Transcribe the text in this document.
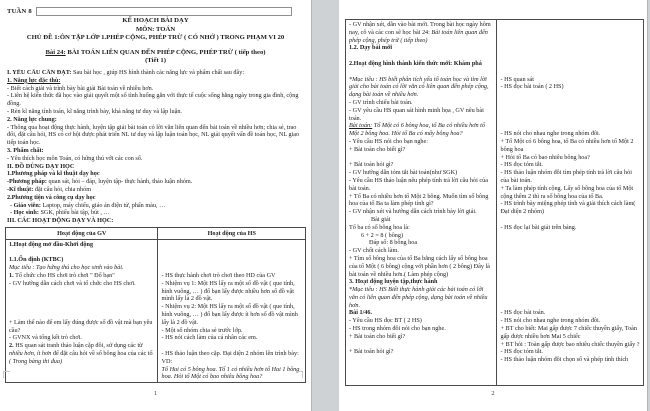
TUẦN 8
KẾ HOẠCH BÀI DẠY
MÔN: TOÁN
CHỦ ĐỀ 1:ÔN TẬP LỚP 1.PHÉP CỘNG, PHÉP TRỪ ( CÓ NHỚ ) TRONG PHẠM VI 20
Bài 24: BÀI TOÁN LIÊN QUAN ĐẾN PHÉP CỘNG, PHÉP TRỪ ( tiếp theo)
(Tiết 1)
I. YÊU CẦU CẦN ĐẠT: Sau bài học , giúp HS hình thành các năng lực và phẩm chất sau đây:
1. Năng lực đặc thù:
- Biết cách giải và trình bày bài giải Bài toán về nhiều hơn.
- Liên hệ kiến thức đã học vào giải quyết một số tình huống gắn với thực tế cuộc sống hằng ngày trong gia đình, cộng đồng.
- Rèn kĩ năng tính toán, kĩ năng trình bày, khả năng tư duy và lập luận.
2. Năng lực chung:
- Thông qua hoạt động thực hành, luyện tập giải bài toán có lời văn liên quan đến bài toán về nhiều hơn; chia sẻ, trao đổi, đặt câu hỏi, HS có cơ hội được phát triển NL tư duy và lập luận toán học, NL giải quyết vấn đề toán học, NL giao tiếp toán học.
3. Phẩm chất:
- Yêu thích học môn Toán, có hứng thú với các con số.
II. ĐỒ DÙNG DẠY HỌC
1.Phương pháp và kĩ thuật dạy học
-Phương pháp: quan sát, hỏi – đáp, luyện tập- thực hành, thảo luận nhóm.
-Kĩ thuật: đặt câu hỏi, chia nhóm
2.Phương tiện và công cụ dạy học
- Giáo viên: Laptop, máy chiếu, giáo án điện tử, phấn màu, …
- Học sinh: SGK, phiếu bài tập, bút , …
III. CÁC HOẠT ĐỘNG DẠY VÀ HỌC:
Hoạt động của GV	Hoạt động của HS
1.Hoạt động mở đầu-Khởi động

1.1.Ổn định (KTBC)
Mục tiêu : Tạo hứng thú cho học sinh vào bài.
1. Tổ chức cho HS chơi trò chơi " Đố bạn"
- GV hướng dẫn cách chơi và tổ chức cho HS chơi.

+ Làm thế nào để em lấy đúng được số đồ vật mà bạn yêu cầu?
- GVNX và tổng kết trò chơi.
2. HS quan sát tranh thảo luận cặp đôi, sử dụng các từ nhiều hơn, ít hơn để đặt câu hỏi về số bông hoa của các tổ ( Trong bảng thi đua)

- HS thực hành chơi trò chơi theo HD của GV
- Nhiệm vụ 1: Một HS lấy ra một số đồ vật ( que tính, hình vuông, … ) đố bạn lấy được nhiều hơn số đồ vật mình lấy là 2 đồ vật.
- Nhiệm vụ 2: Một HS lấy ra một số đồ vật ( que tính, hình vuông, … ) đố bạn lấy được ít hơn số đồ vật mình lấy là 2 đồ vật.
- Một số nhóm chia sẻ trước lớp.
- HS nói cách làm của cá nhân các em.

- HS thảo luận theo cặp. Đại diện 2 nhóm lên trình bày: VD:
Tổ Hai có 5 bông hoa. Tổ 1 có nhiều hơn tổ Hai 1 bông hoa. Hỏi tổ Một có bao nhiêu bông hoa?
1
- GV nhận xét, dẫn vào bài mới. Trong bài học ngày hôm nay, cô và các con sẽ học bài 24: Bài toán liên quan đến phép cộng, phép trừ ( tiếp theo)
1.2. Dạy bài mới

2.Hoạt động hình thành kiến thức mới: Khám phá

*Mục tiêu : HS biết phân tích yếu tố toán học và tìm lời giải cho bài toán có lời văn có liên quan đến phép cộng, dạng bài toán về nhiều hơn.
- GV trình chiếu bài toán.
- GV yêu cầu HS quan sát hình minh họa , GV nêu bài toán.
Bài toán: Tổ Một có 6 bông hoa, tổ Ba có nhiều hơn tổ Một 2 bông hoa. Hỏi tổ Ba có mấy bông hoa?
- Yêu cầu HS nói cho bạn nghe:
+ Bài toán cho biết gì?

+ Bài toán hỏi gì?
- GV hướng dẫn tóm tắt bài toán(như SGK)
- Yêu cầu HS thảo luận nêu phép tính trả lời câu hỏi của bài toán.
+ Tổ Ba có nhiều hơn tổ Một 2 bông. Muốn tìm số bông hoa của tổ Ba ta làm phép tính gì?
- GV nhận xét và hướng dẫn cách trình bày lời giải.
Bài giải
Tổ ba có số bông hoa là:
6 + 2 = 8 ( bông)
Đáp số: 8 bông hoa
- GV chốt cách làm.
+ Tìm số bông hoa của tổ Ba bằng cách lấy số bông hoa của tổ Một ( 6 bông) cộng với phần hơn ( 2 bông) Đây là bài toán về nhiều hơn.( Làm phép cộng)
3. Hoạt động luyện tập,thực hành
*Mục tiêu : HS Biết thực hành giải các bài toán có lời văn có liên quan đến phép cộng, dạng bài toán về nhiều hơn.
Bài 1/46.
- Yêu cầu HS đọc BT ( 2 HS)
- HS trong nhóm đôi nói cho bạn nghe.
+ Bài toán cho biết gì?

+ Bài toán hỏi gì?

- HS quan sát
- HS đọc bài toán ( 2 HS)

- HS nói cho nhau nghe trong nhóm đôi.
+ Tổ Một có 6 bông hoa, tổ Ba có nhiều hơn tổ Một 2 bông hoa
+ Hỏi tổ Ba có bao nhiêu bông hoa?
- HS đọc tóm tắt.
- HS thảo luận nhóm đôi tìm phép tính trả lời câu hỏi của bài toán.
+ Ta làm phép tính cộng. Lấy số bông hoa của tổ Một cộng thêm 2 thì ra số bông hoa của tổ Ba.
- HS trình bày miệng phép tính và giải thích cách làm( Đại diện 2 nhóm)

- HS đọc lại bài giải trên bảng.

- HS đọc bài toán.
- HS nói cho nhau nghe trong nhóm đôi.
+ BT cho biết: Mai gấp được 7 chiếc thuyền giấy, Toàn gấp được nhiều hơn Mai 5 chiếc
+ BT hỏi : Toàn gấp được bao nhiêu chiếc thuyền giấy ?
- HS đọc tóm tắt.
- HS thảo luận nhóm đôi chọn số và phép tính thích
2
